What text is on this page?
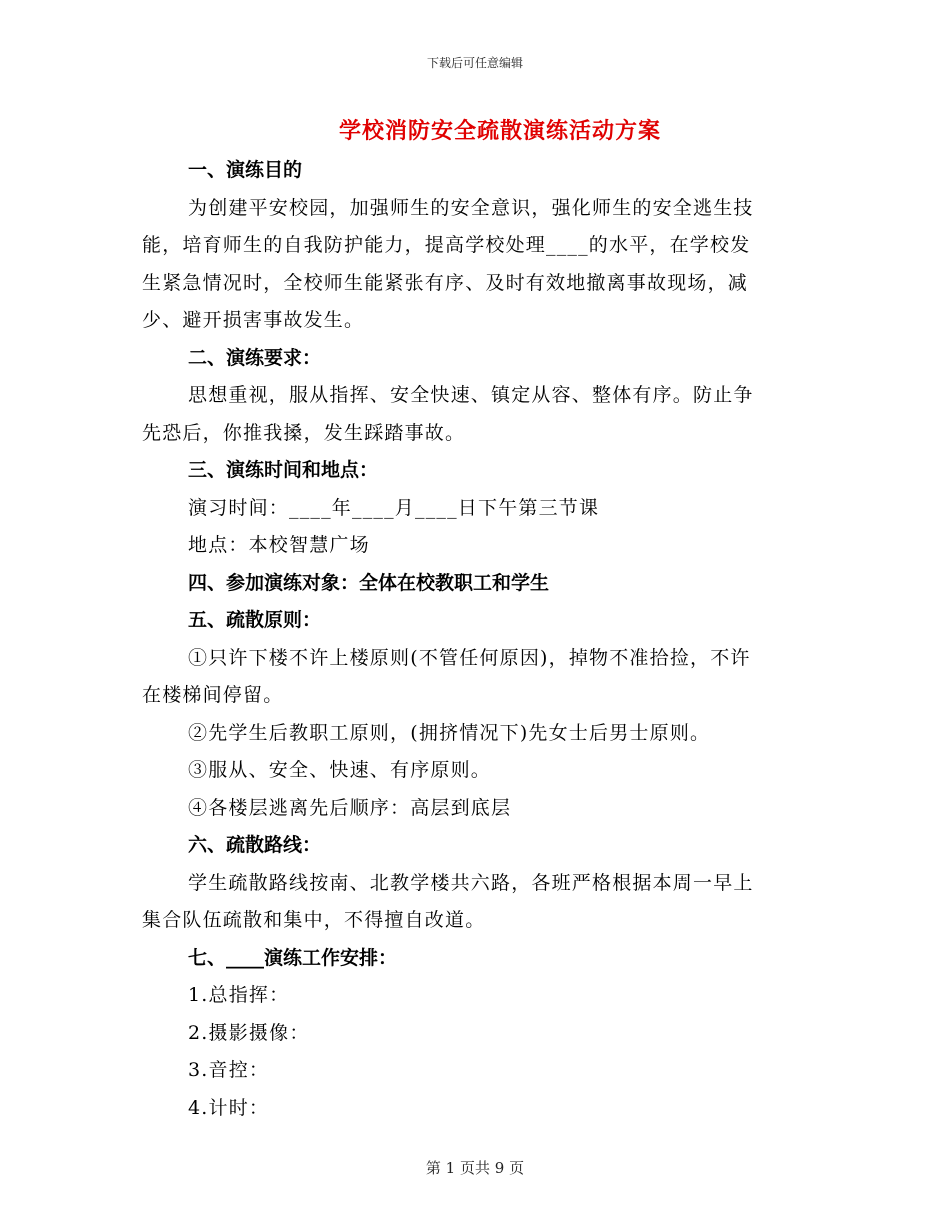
下载后可任意编辑
学校消防安全疏散演练活动方案
一、演练目的
为创建平安校园，加强师生的安全意识，强化师生的安全逃生技
能，培育师生的自我防护能力，提高学校处理____的水平，在学校发
生紧急情况时，全校师生能紧张有序、及时有效地撤离事故现场，减
少、避开损害事故发生。
二、演练要求：
思想重视，服从指挥、安全快速、镇定从容、整体有序。防止争
先恐后，你推我搡，发生踩踏事故。
三、演练时间和地点：
演习时间：____年____月____日下午第三节课
地点：本校智慧广场
四、参加演练对象：全体在校教职工和学生
五、疏散原则：
①只许下楼不许上楼原则(不管任何原因)，掉物不准拾捡，不许
在楼梯间停留。
②先学生后教职工原则，(拥挤情况下)先女士后男士原则。
③服从、安全、快速、有序原则。
④各楼层逃离先后顺序：高层到底层
六、疏散路线：
学生疏散路线按南、北教学楼共六路，各班严格根据本周一早上
集合队伍疏散和集中，不得擅自改道。
七、____演练工作安排：
1.总指挥：
2.摄影摄像：
3.音控：
4.计时：
第 1 页共 9 页
